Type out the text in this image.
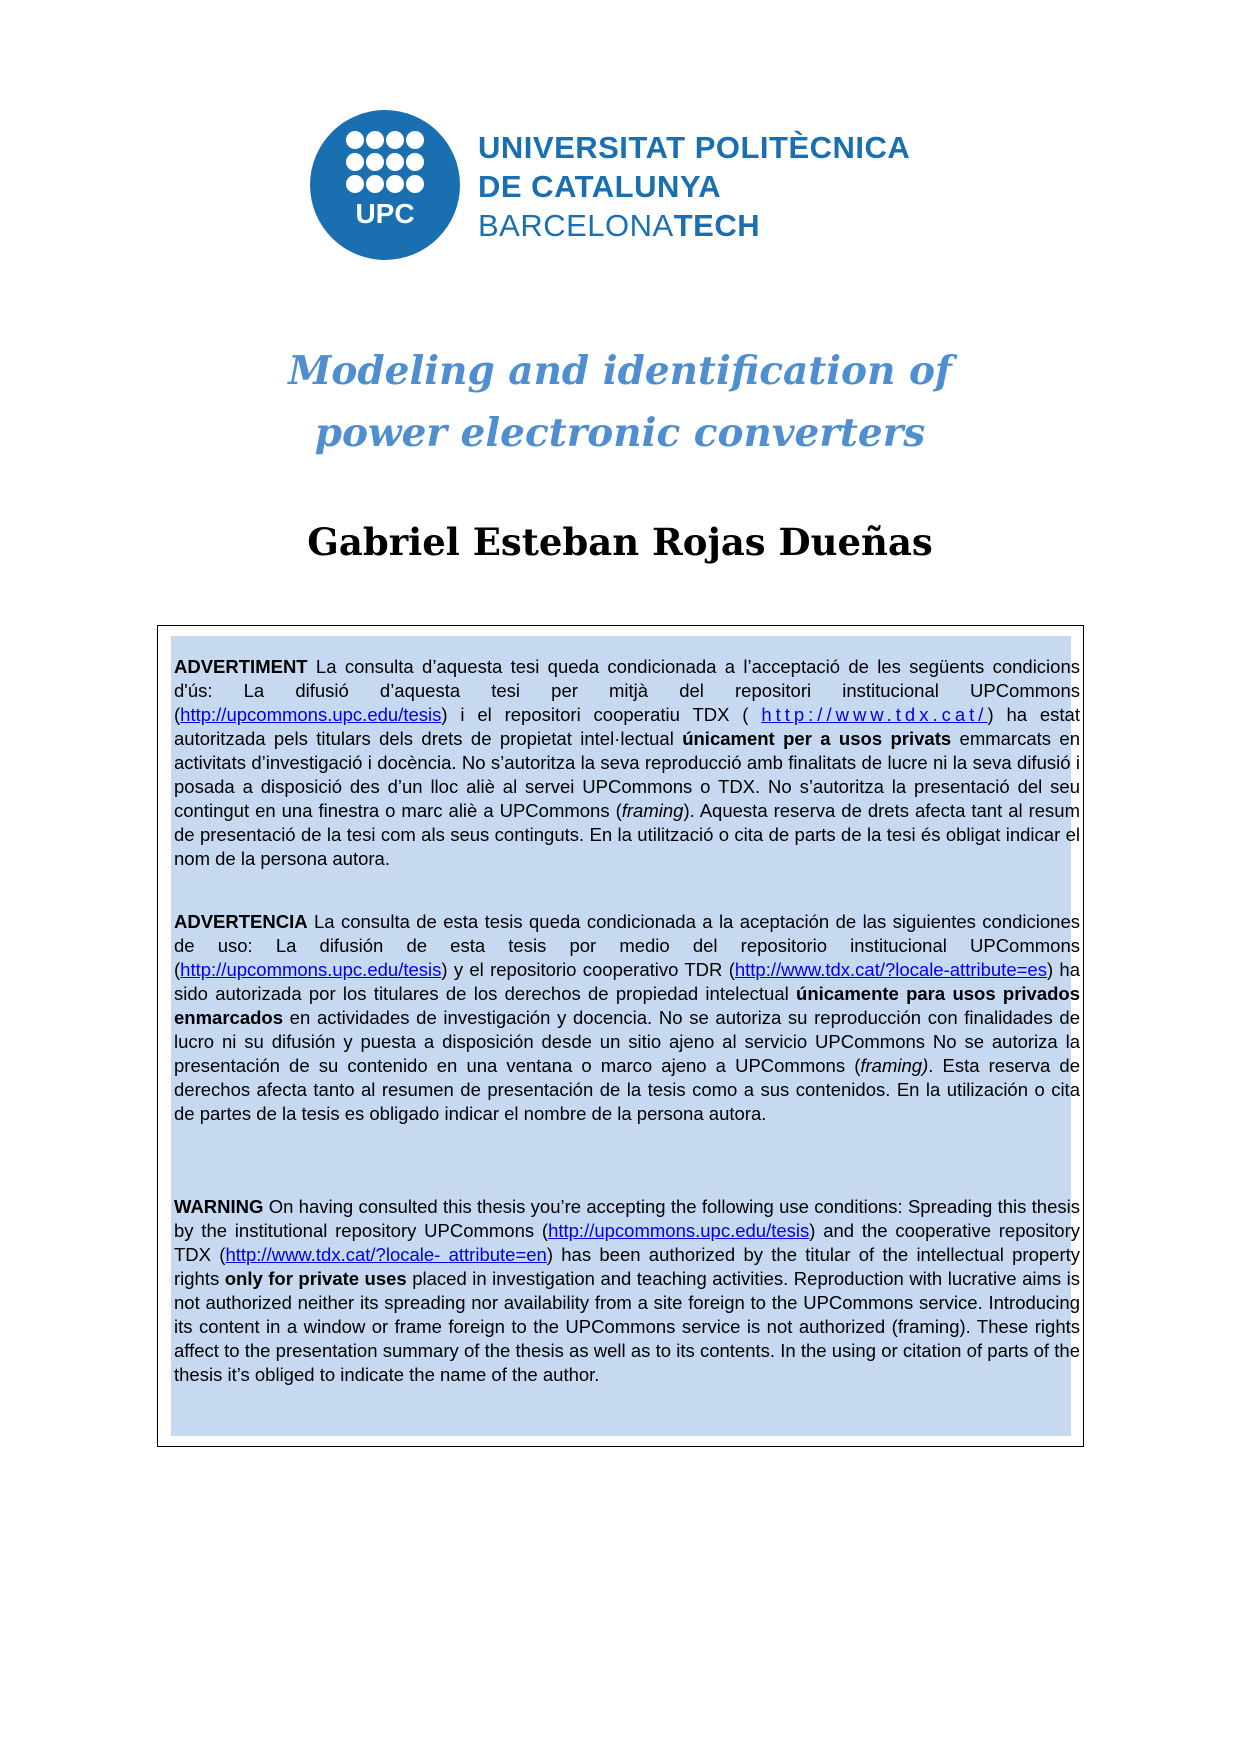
UPC
UNIVERSITAT POLITÈCNICA
DE CATALUNYA
BARCELONATECH
Modeling and identification of
power electronic converters
Gabriel Esteban Rojas Dueñas
ADVERTIMENT La consulta d’aquesta tesi queda condicionada a l’acceptació de les següents condicions d'ús: La difusió d’aquesta tesi per mitjà del repositori institucional UPCommons (http://upcommons.upc.edu/tesis) i el repositori cooperatiu TDX ( http://www.tdx.cat/) ha estat autoritzada pels titulars dels drets de propietat intel·lectual únicament per a usos privats emmarcats en activitats d’investigació i docència. No s’autoritza la seva reproducció amb finalitats de lucre ni la seva difusió i posada a disposició des d’un lloc aliè al servei UPCommons o TDX. No s’autoritza la presentació del seu contingut en una finestra o marc aliè a UPCommons (framing). Aquesta reserva de drets afecta tant al resum de presentació de la tesi com als seus continguts. En la utilització o cita de parts de la tesi és obligat indicar el nom de la persona autora.
ADVERTENCIA La consulta de esta tesis queda condicionada a la aceptación de las siguientes condiciones de uso: La difusión de esta tesis por medio del repositorio institucional UPCommons (http://upcommons.upc.edu/tesis) y el repositorio cooperativo TDR (http://www.tdx.cat/?locale-attribute=es) ha sido autorizada por los titulares de los derechos de propiedad intelectual únicamente para usos privados enmarcados en actividades de investigación y docencia. No se autoriza su reproducción con finalidades de lucro ni su difusión y puesta a disposición desde un sitio ajeno al servicio UPCommons No se autoriza la presentación de su contenido en una ventana o marco ajeno a UPCommons (framing). Esta reserva de derechos afecta tanto al resumen de presentación de la tesis como a sus contenidos. En la utilización o cita de partes de la tesis es obligado indicar el nombre de la persona autora.
WARNING On having consulted this thesis you’re accepting the following use conditions: Spreading this thesis by the institutional repository UPCommons (http://upcommons.upc.edu/tesis) and the cooperative repository TDX (http://www.tdx.cat/?locale- attribute=en) has been authorized by the titular of the intellectual property rights only for private uses placed in investigation and teaching activities. Reproduction with lucrative aims is not authorized neither its spreading nor availability from a site foreign to the UPCommons service. Introducing its content in a window or frame foreign to the UPCommons service is not authorized (framing). These rights affect to the presentation summary of the thesis as well as to its contents. In the using or citation of parts of the thesis it’s obliged to indicate the name of the author.
